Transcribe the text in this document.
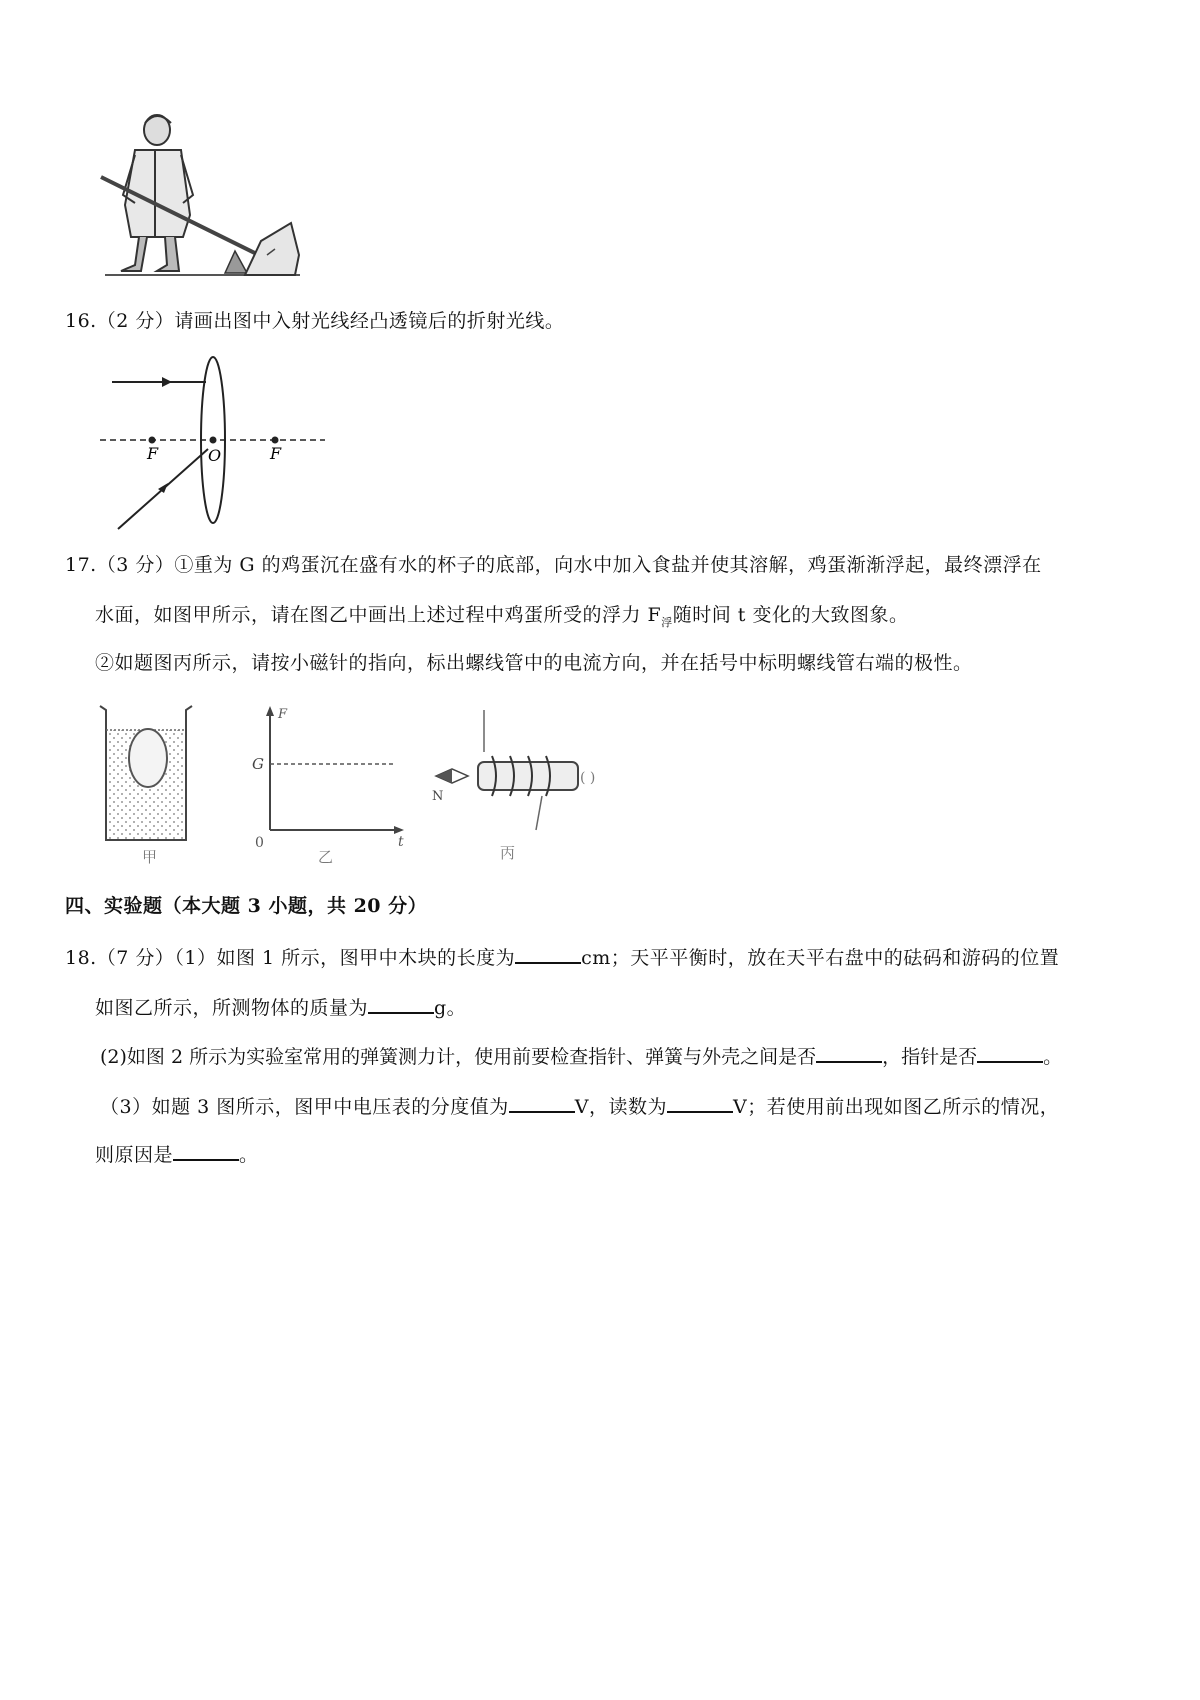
16.（2 分）请画出图中入射光线经凸透镜后的折射光线。
F	O	F
17.（3 分）①重为 G 的鸡蛋沉在盛有水的杯子的底部，向水中加入食盐并使其溶解，鸡蛋渐渐浮起，最终漂浮在
水面，如图甲所示，请在图乙中画出上述过程中鸡蛋所受的浮力 $F_浮$随时间 t 变化的大致图象。
②如题图丙所示，请按小磁针的指向，标出螺线管中的电流方向，并在括号中标明螺线管右端的极性。
甲
F
G
0	t
乙
N
( )
丙
四、实验题（本大题 3 小题，共 20 分）
18.（7 分）（1）如图 1 所示，图甲中木块的长度为	cm；天平平衡时，放在天平右盘中的砝码和游码的位置
如图乙所示，所测物体的质量为	g。
(2)如图 2 所示为实验室常用的弹簧测力计，使用前要检查指针、弹簧与外壳之间是否	，指针是否	。
（3）如题 3 图所示，图甲中电压表的分度值为	V，读数为	V；若使用前出现如图乙所示的情况，
则原因是	。
